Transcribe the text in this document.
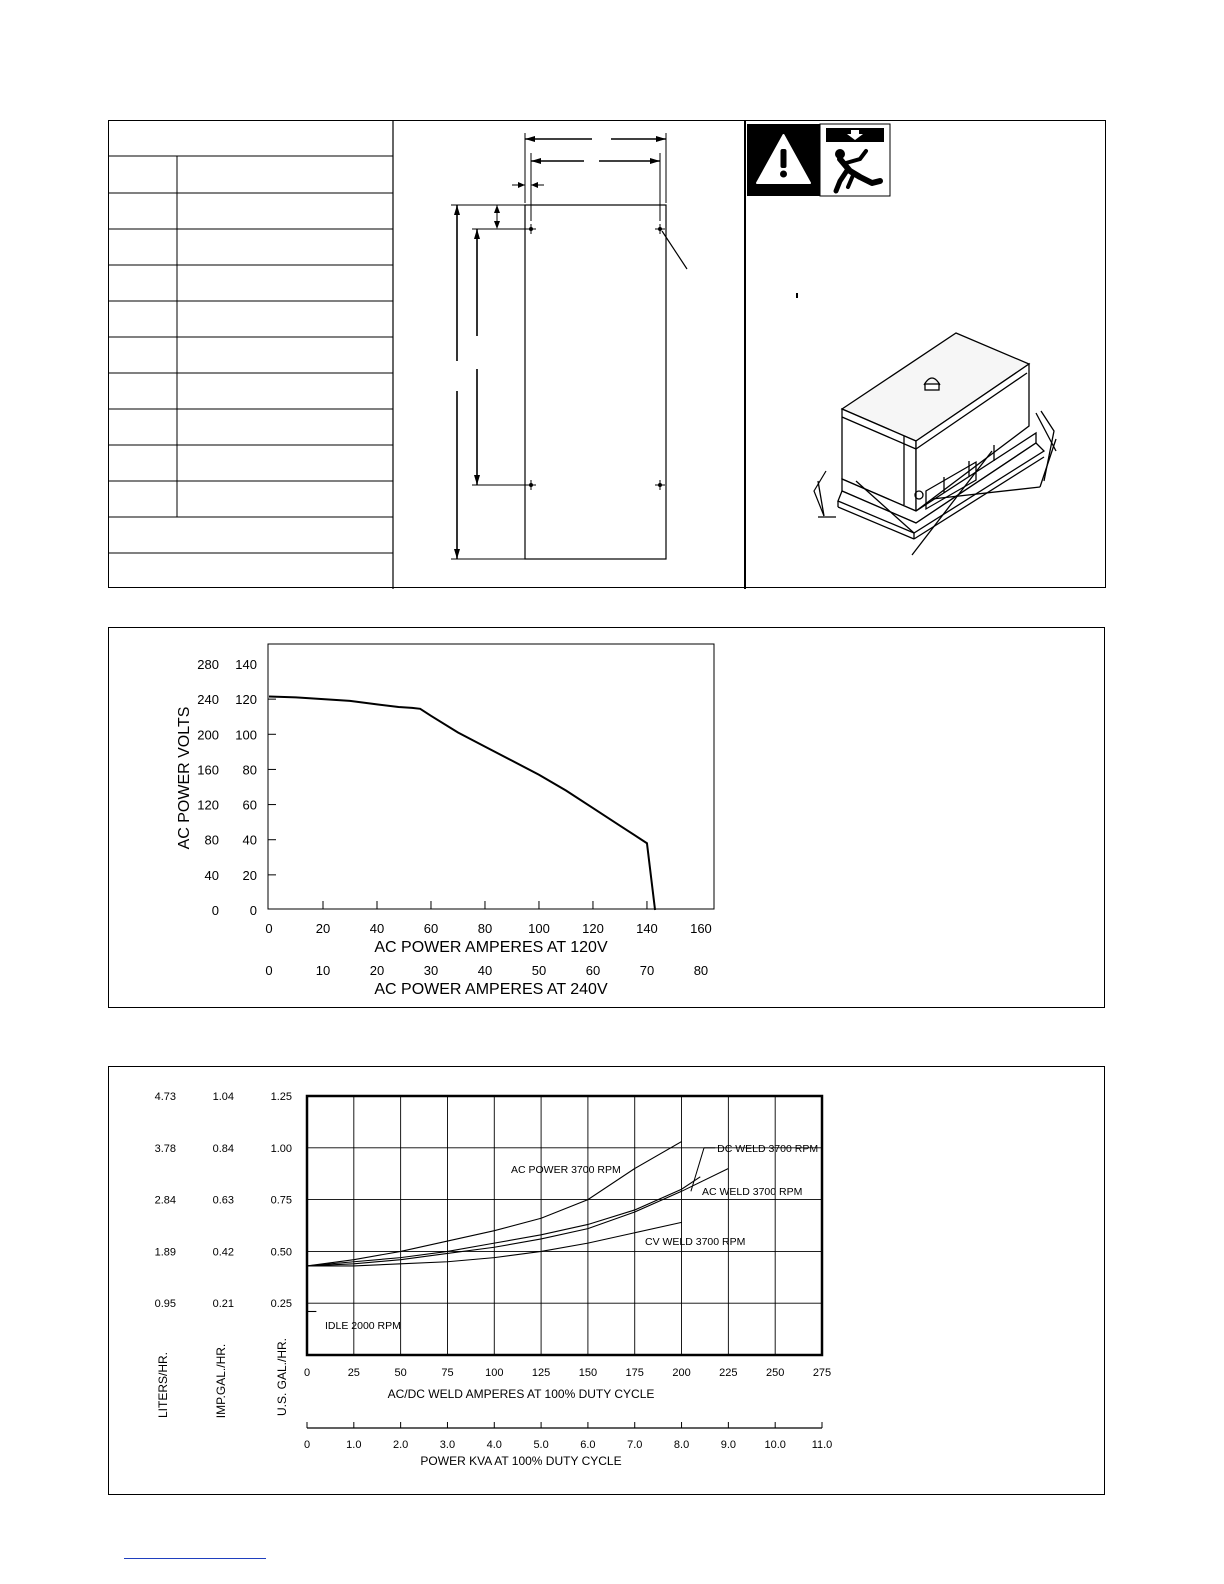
280 140
240 120
200 100
160 80
120 60
80 40
40 20
0 0
0
0
20
10
40
20
60
30
80
40
100
50
120
60
140
70
160
80
AC POWER VOLTS
AC POWER AMPERES AT 120V
AC POWER AMPERES AT 240V
4.73	1.04	1.25
3.78	0.84	1.00
2.84	0.63	0.75
1.89	0.42	0.50
0.95	0.21	0.25
0	25	50	75	100	125	150	175	200	225	250	275
0	1.0	2.0	3.0	4.0	5.0	6.0	7.0	8.0	9.0	10.0 11.0
AC POWER 3700 RPM
DC WELD 3700 RPM
AC WELD 3700 RPM
CV WELD 3700 RPM
IDLE 2000 RPM
LITERS/HR.	IMP.GAL./HR.	U.S. GAL./HR.	AC/DC WELD AMPERES AT 100% DUTY CYCLE
POWER KVA AT 100% DUTY CYCLE
